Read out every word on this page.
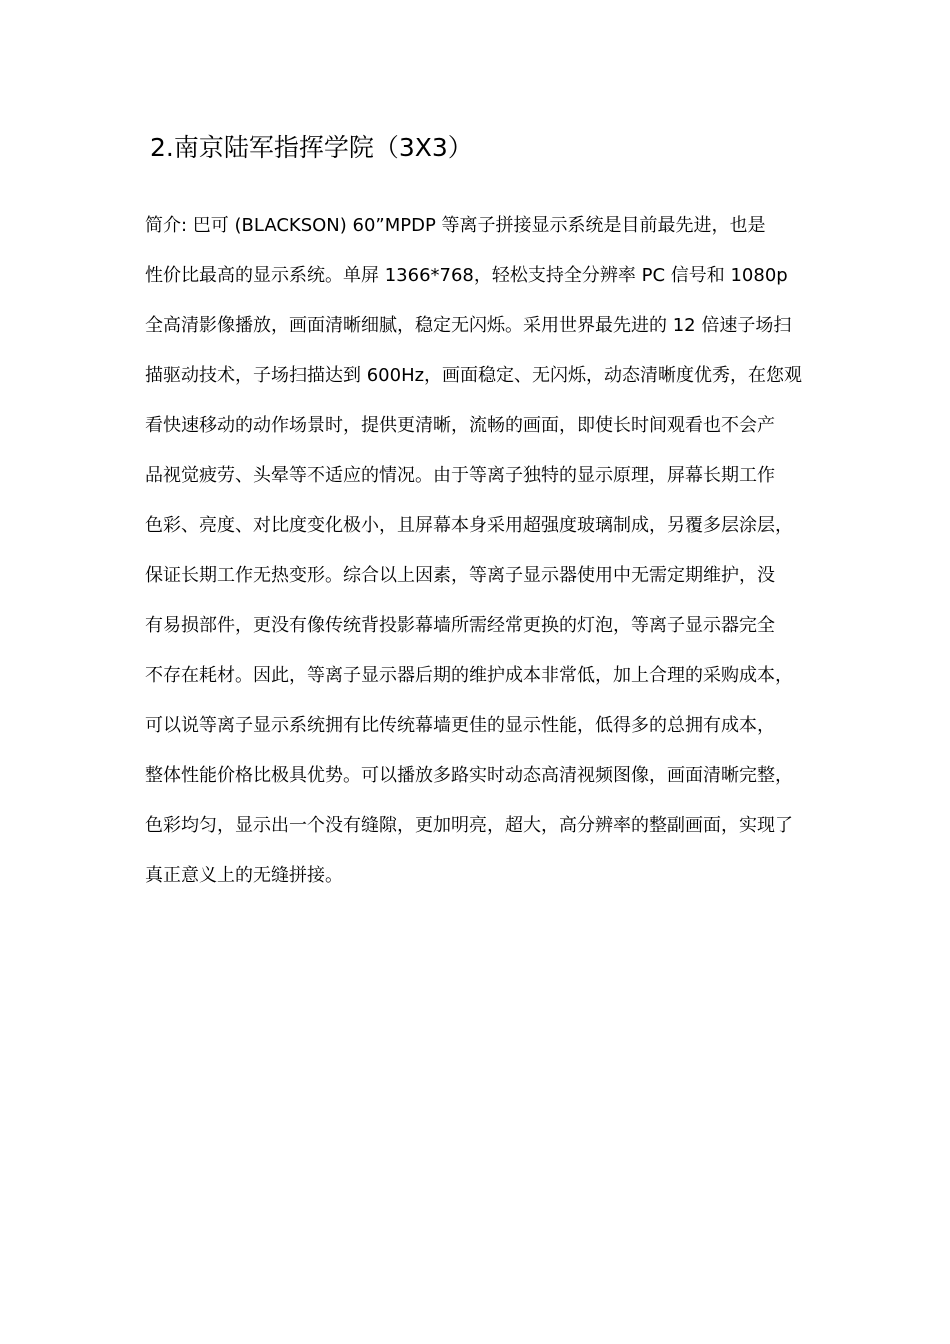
2.南京陆军指挥学院（3X3）
简介: 巴可 (BLACKSON) 60”MPDP 等离子拼接显示系统是目前最先进，也是
性价比最高的显示系统。单屏 1366*768，轻松支持全分辨率 PC 信号和 1080p
全高清影像播放，画面清晰细腻，稳定无闪烁。采用世界最先进的 12 倍速子场扫
描驱动技术，子场扫描达到 600Hz，画面稳定、无闪烁，动态清晰度优秀，在您观
看快速移动的动作场景时，提供更清晰，流畅的画面，即使长时间观看也不会产
品视觉疲劳、头晕等不适应的情况。由于等离子独特的显示原理，屏幕长期工作
色彩、亮度、对比度变化极小，且屏幕本身采用超强度玻璃制成，另覆多层涂层，
保证长期工作无热变形。综合以上因素，等离子显示器使用中无需定期维护，没
有易损部件，更没有像传统背投影幕墙所需经常更换的灯泡，等离子显示器完全
不存在耗材。因此，等离子显示器后期的维护成本非常低，加上合理的采购成本，
可以说等离子显示系统拥有比传统幕墙更佳的显示性能，低得多的总拥有成本，
整体性能价格比极具优势。可以播放多路实时动态高清视频图像，画面清晰完整，
色彩均匀，显示出一个没有缝隙，更加明亮，超大，高分辨率的整副画面，实现了
真正意义上的无缝拼接。
